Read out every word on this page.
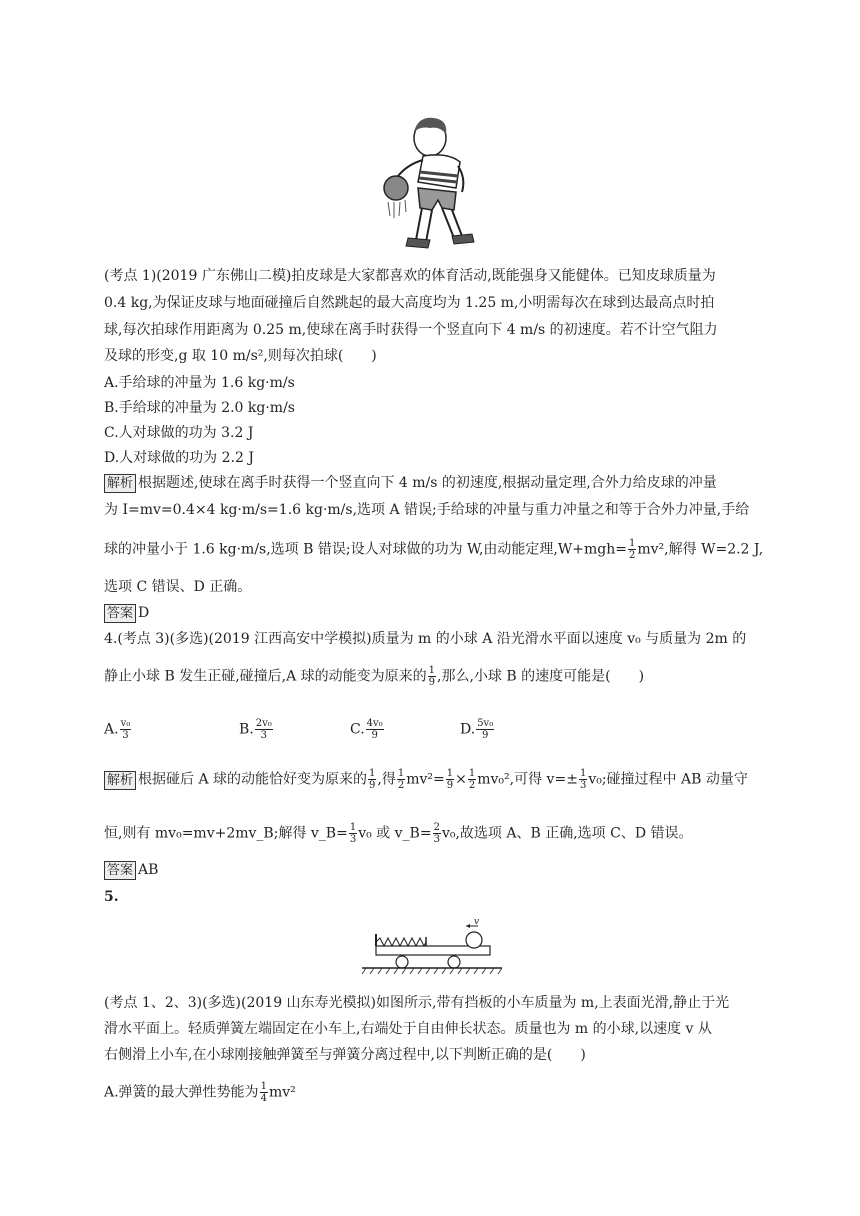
(考点 1)(2019 广东佛山二模)拍皮球是大家都喜欢的体育活动,既能强身又能健体。已知皮球质量为
0.4 kg,为保证皮球与地面碰撞后自然跳起的最大高度均为 1.25 m,小明需每次在球到达最高点时拍
球,每次拍球作用距离为 0.25 m,使球在离手时获得一个竖直向下 4 m/s 的初速度。若不计空气阻力
及球的形变,g 取 10 m/s²,则每次拍球(　　)
A.手给球的冲量为 1.6 kg·m/s
B.手给球的冲量为 2.0 kg·m/s
C.人对球做的功为 3.2 J
D.人对球做的功为 2.2 J
解析 根据题述,使球在离手时获得一个竖直向下 4 m/s 的初速度,根据动量定理,合外力给皮球的冲量
为 I=mv=0.4×4 kg·m/s=1.6 kg·m/s,选项 A 错误;手给球的冲量与重力冲量之和等于合外力冲量,手给
球的冲量小于 1.6 kg·m/s,选项 B 错误;设人对球做的功为 W,由动能定理$,W+mgh= \frac{1}{2} mv^2$,解得 W=2.2 J,
选项 C 错误、D 正确。
答案 D
4.(考点 3)(多选)(2019 江西高安中学模拟)质量为 m 的小球 A 沿光滑水平面以速度 v₀ 与质量为 2m 的
静止小球 B 发生正碰,碰撞后,A 球的动能变为原来的 $\frac{1}{9}$ ,那么,小球 B 的速度可能是(　　)
A. $\frac{\text{v₀}}{3}$	B. $\frac{\text{2v₀}}{3}$	C. $\frac{\text{4v₀}}{9}$	D. $\frac{\text{5v₀}}{9}$
解析 根据碰后 A 球的动能恰好变为原来的 $\frac{1}{9}$ ,得 $\frac{1}{2} mv^2= \frac{1}{9} \times \frac{1}{2} mv_0^2$,可得 $v=\pm \frac{1}{3} v_0$;碰撞过程中 AB 动量守
恒,则有 mv₀=mv+2mv_B;解得 v_B= $\frac{1}{3} v_0$ 或 v_B= $\frac{2}{3} v_0$,故选项 A、B 正确,选项 C、D 错误。
答案 AB
5.
v
(考点 1、2、3)(多选)(2019 山东寿光模拟)如图所示,带有挡板的小车质量为 m,上表面光滑,静止于光
滑水平面上。轻质弹簧左端固定在小车上,右端处于自由伸长状态。质量也为 m 的小球,以速度 v 从
右侧滑上小车,在小球刚接触弹簧至与弹簧分离过程中,以下判断正确的是(　　)
A.弹簧的最大弹性势能为 $\frac{1}{4} mv^2$
